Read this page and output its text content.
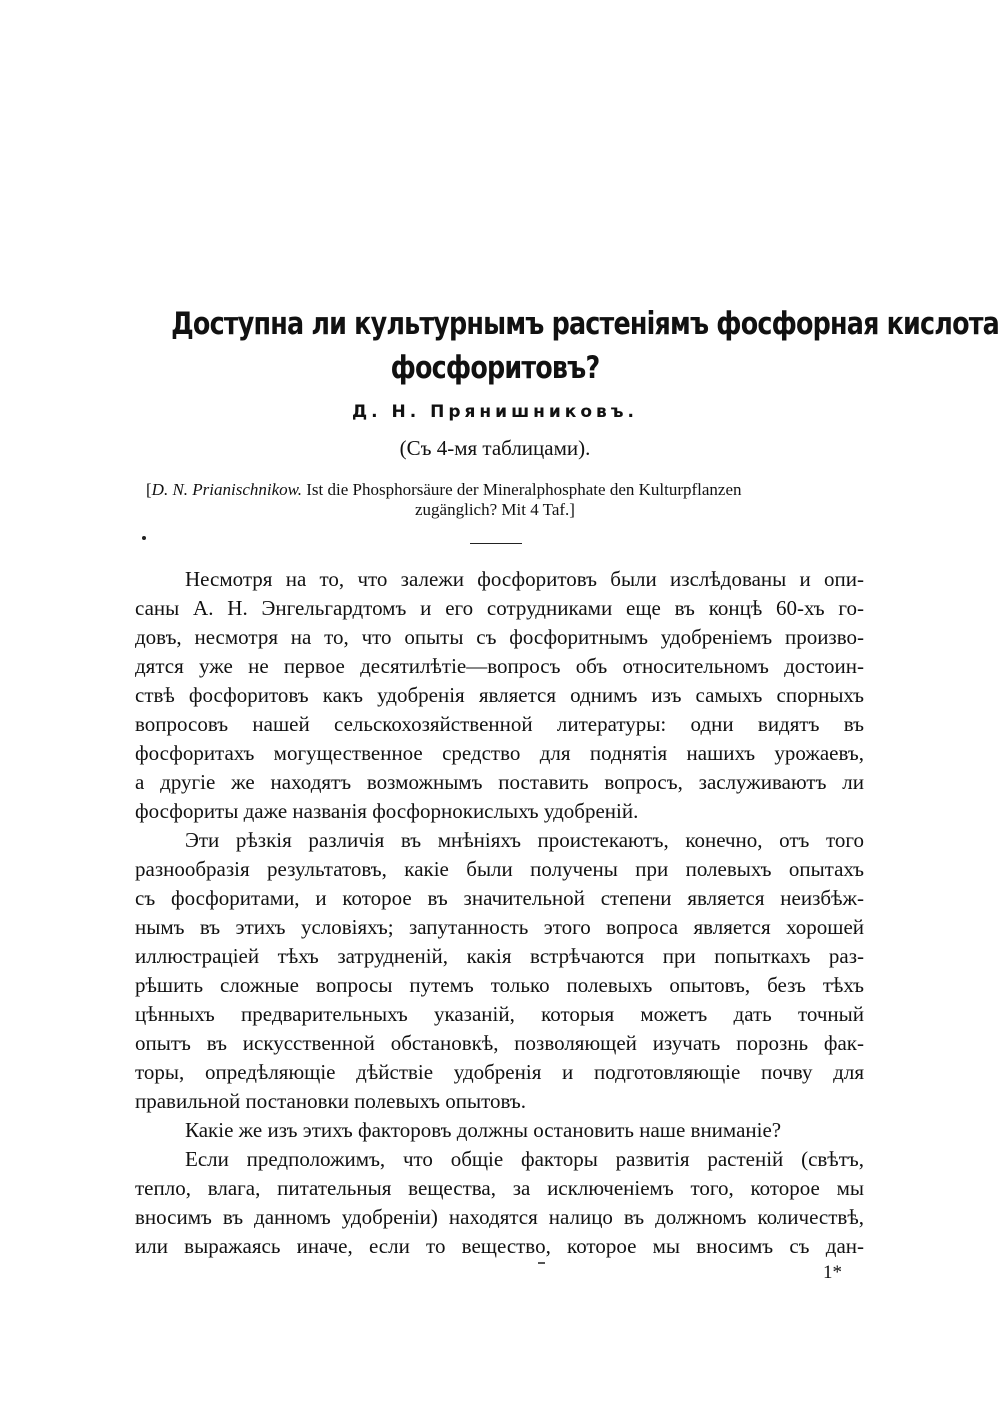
Доступна ли культурнымъ растеніямъ фосфорная кислота
фосфоритовъ?
Д. Н. Прянишниковъ.
(Съ 4-мя таблицами).
[D. N. Prianischnikow. Ist die Phosphorsäure der Mineralphosphate den Kulturpflanzen
zugänglich? Mit 4 Taf.]
Несмотря на то, что залежи фосфоритовъ были изслѣдованы и опи-
саны А. Н. Энгельгардтомъ и его сотрудниками еще въ концѣ 60-хъ го-
довъ, несмотря на то, что опыты съ фосфоритнымъ удобреніемъ произво-
дятся уже не первое десятилѣтіе—вопросъ объ относительномъ достоин-
ствѣ фосфоритовъ какъ удобренія является однимъ изъ самыхъ спорныхъ
вопросовъ нашей сельскохозяйственной литературы: одни видятъ въ
фосфоритахъ могущественное средство для поднятія нашихъ урожаевъ,
а другіе же находятъ возможнымъ поставить вопросъ, заслуживаютъ ли
фосфориты даже названія фосфорнокислыхъ удобреній.
Эти рѣзкія различія въ мнѣніяхъ проистекаютъ, конечно, отъ того
разнообразія результатовъ, какіе были получены при полевыхъ опытахъ
съ фосфоритами, и которое въ значительной степени является неизбѣж-
нымъ въ этихъ условіяхъ; запутанность этого вопроса является хорошей
иллюстраціей тѣхъ затрудненій, какія встрѣчаются при попыткахъ раз-
рѣшить сложные вопросы путемъ только полевыхъ опытовъ, безъ тѣхъ
цѣнныхъ предварительныхъ указаній, которыя можетъ дать точный
опытъ въ искусственной обстановкѣ, позволяющей изучать порознь фак-
торы, опредѣляющіе дѣйствіе удобренія и подготовляющіе почву для
правильной постановки полевыхъ опытовъ.
Какіе же изъ этихъ факторовъ должны остановить наше вниманіе?
Если предположимъ, что общіе факторы развитія растеній (свѣтъ,
тепло, влага, питательныя вещества, за исключеніемъ того, которое мы
вносимъ въ данномъ удобреніи) находятся налицо въ должномъ количествѣ,
или выражаясь иначе, если то вещество, которое мы вносимъ съ дан-
1*
